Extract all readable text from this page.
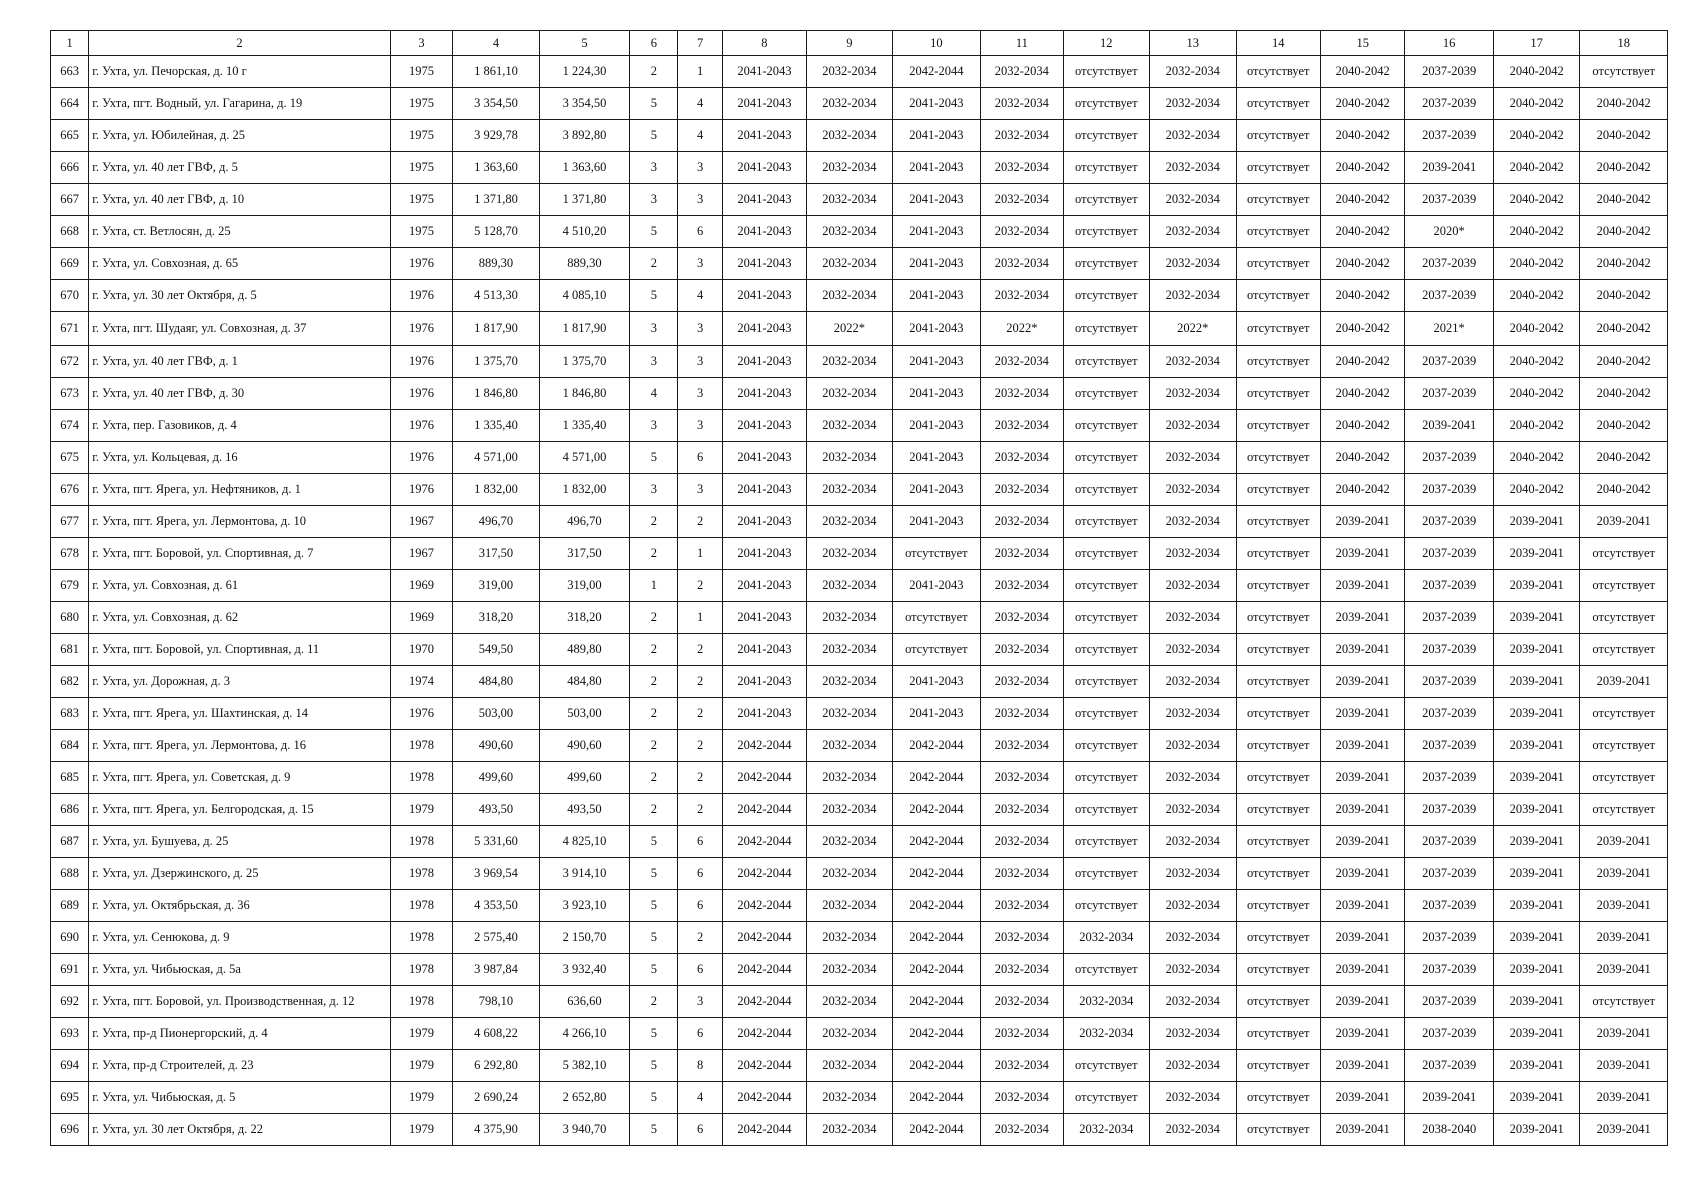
1	2	3	4	5	6	7	8	9	10	11	12	13	14	15	16	17	18
663	г. Ухта, ул. Печорская, д. 10 г	1975	1 861,10	1 224,30	2	1	2041-2043	2032-2034	2042-2044	2032-2034	отсутствует	2032-2034	отсутствует	2040-2042	2037-2039	2040-2042	отсутствует
664	г. Ухта, пгт. Водный, ул. Гагарина, д. 19	1975	3 354,50	3 354,50	5	4	2041-2043	2032-2034	2041-2043	2032-2034	отсутствует	2032-2034	отсутствует	2040-2042	2037-2039	2040-2042	2040-2042
665	г. Ухта, ул. Юбилейная, д. 25	1975	3 929,78	3 892,80	5	4	2041-2043	2032-2034	2041-2043	2032-2034	отсутствует	2032-2034	отсутствует	2040-2042	2037-2039	2040-2042	2040-2042
666	г. Ухта, ул. 40 лет ГВФ, д. 5	1975	1 363,60	1 363,60	3	3	2041-2043	2032-2034	2041-2043	2032-2034	отсутствует	2032-2034	отсутствует	2040-2042	2039-2041	2040-2042	2040-2042
667	г. Ухта, ул. 40 лет ГВФ, д. 10	1975	1 371,80	1 371,80	3	3	2041-2043	2032-2034	2041-2043	2032-2034	отсутствует	2032-2034	отсутствует	2040-2042	2037-2039	2040-2042	2040-2042
668	г. Ухта, ст. Ветлосян, д. 25	1975	5 128,70	4 510,20	5	6	2041-2043	2032-2034	2041-2043	2032-2034	отсутствует	2032-2034	отсутствует	2040-2042	2020*	2040-2042	2040-2042
669	г. Ухта, ул. Совхозная, д. 65	1976	889,30	889,30	2	3	2041-2043	2032-2034	2041-2043	2032-2034	отсутствует	2032-2034	отсутствует	2040-2042	2037-2039	2040-2042	2040-2042
670	г. Ухта, ул. 30 лет Октября, д. 5	1976	4 513,30	4 085,10	5	4	2041-2043	2032-2034	2041-2043	2032-2034	отсутствует	2032-2034	отсутствует	2040-2042	2037-2039	2040-2042	2040-2042
671	г. Ухта, пгт. Шудаяг, ул. Совхозная, д. 37	1976	1 817,90	1 817,90	3	3	2041-2043	2022*	2041-2043	2022*	отсутствует	2022*	отсутствует	2040-2042	2021*	2040-2042	2040-2042
672	г. Ухта, ул. 40 лет ГВФ, д. 1	1976	1 375,70	1 375,70	3	3	2041-2043	2032-2034	2041-2043	2032-2034	отсутствует	2032-2034	отсутствует	2040-2042	2037-2039	2040-2042	2040-2042
673	г. Ухта, ул. 40 лет ГВФ, д. 30	1976	1 846,80	1 846,80	4	3	2041-2043	2032-2034	2041-2043	2032-2034	отсутствует	2032-2034	отсутствует	2040-2042	2037-2039	2040-2042	2040-2042
674	г. Ухта, пер. Газовиков, д. 4	1976	1 335,40	1 335,40	3	3	2041-2043	2032-2034	2041-2043	2032-2034	отсутствует	2032-2034	отсутствует	2040-2042	2039-2041	2040-2042	2040-2042
675	г. Ухта, ул. Кольцевая, д. 16	1976	4 571,00	4 571,00	5	6	2041-2043	2032-2034	2041-2043	2032-2034	отсутствует	2032-2034	отсутствует	2040-2042	2037-2039	2040-2042	2040-2042
676	г. Ухта, пгт. Ярега, ул. Нефтяников, д. 1	1976	1 832,00	1 832,00	3	3	2041-2043	2032-2034	2041-2043	2032-2034	отсутствует	2032-2034	отсутствует	2040-2042	2037-2039	2040-2042	2040-2042
677	г. Ухта, пгт. Ярега, ул. Лермонтова, д. 10	1967	496,70	496,70	2	2	2041-2043	2032-2034	2041-2043	2032-2034	отсутствует	2032-2034	отсутствует	2039-2041	2037-2039	2039-2041	2039-2041
678	г. Ухта, пгт. Боровой, ул. Спортивная, д. 7	1967	317,50	317,50	2	1	2041-2043	2032-2034	отсутствует	2032-2034	отсутствует	2032-2034	отсутствует	2039-2041	2037-2039	2039-2041	отсутствует
679	г. Ухта, ул. Совхозная, д. 61	1969	319,00	319,00	1	2	2041-2043	2032-2034	2041-2043	2032-2034	отсутствует	2032-2034	отсутствует	2039-2041	2037-2039	2039-2041	отсутствует
680	г. Ухта, ул. Совхозная, д. 62	1969	318,20	318,20	2	1	2041-2043	2032-2034	отсутствует	2032-2034	отсутствует	2032-2034	отсутствует	2039-2041	2037-2039	2039-2041	отсутствует
681	г. Ухта, пгт. Боровой, ул. Спортивная, д. 11	1970	549,50	489,80	2	2	2041-2043	2032-2034	отсутствует	2032-2034	отсутствует	2032-2034	отсутствует	2039-2041	2037-2039	2039-2041	отсутствует
682	г. Ухта, ул. Дорожная, д. 3	1974	484,80	484,80	2	2	2041-2043	2032-2034	2041-2043	2032-2034	отсутствует	2032-2034	отсутствует	2039-2041	2037-2039	2039-2041	2039-2041
683	г. Ухта, пгт. Ярега, ул. Шахтинская, д. 14	1976	503,00	503,00	2	2	2041-2043	2032-2034	2041-2043	2032-2034	отсутствует	2032-2034	отсутствует	2039-2041	2037-2039	2039-2041	отсутствует
684	г. Ухта, пгт. Ярега, ул. Лермонтова, д. 16	1978	490,60	490,60	2	2	2042-2044	2032-2034	2042-2044	2032-2034	отсутствует	2032-2034	отсутствует	2039-2041	2037-2039	2039-2041	отсутствует
685	г. Ухта, пгт. Ярега, ул. Советская, д. 9	1978	499,60	499,60	2	2	2042-2044	2032-2034	2042-2044	2032-2034	отсутствует	2032-2034	отсутствует	2039-2041	2037-2039	2039-2041	отсутствует
686	г. Ухта, пгт. Ярега, ул. Белгородская, д. 15	1979	493,50	493,50	2	2	2042-2044	2032-2034	2042-2044	2032-2034	отсутствует	2032-2034	отсутствует	2039-2041	2037-2039	2039-2041	отсутствует
687	г. Ухта, ул. Бушуева, д. 25	1978	5 331,60	4 825,10	5	6	2042-2044	2032-2034	2042-2044	2032-2034	отсутствует	2032-2034	отсутствует	2039-2041	2037-2039	2039-2041	2039-2041
688	г. Ухта, ул. Дзержинского, д. 25	1978	3 969,54	3 914,10	5	6	2042-2044	2032-2034	2042-2044	2032-2034	отсутствует	2032-2034	отсутствует	2039-2041	2037-2039	2039-2041	2039-2041
689	г. Ухта, ул. Октябрьская, д. 36	1978	4 353,50	3 923,10	5	6	2042-2044	2032-2034	2042-2044	2032-2034	отсутствует	2032-2034	отсутствует	2039-2041	2037-2039	2039-2041	2039-2041
690	г. Ухта, ул. Сенюкова, д. 9	1978	2 575,40	2 150,70	5	2	2042-2044	2032-2034	2042-2044	2032-2034	2032-2034	2032-2034	отсутствует	2039-2041	2037-2039	2039-2041	2039-2041
691	г. Ухта, ул. Чибьюская, д. 5а	1978	3 987,84	3 932,40	5	6	2042-2044	2032-2034	2042-2044	2032-2034	отсутствует	2032-2034	отсутствует	2039-2041	2037-2039	2039-2041	2039-2041
692	г. Ухта, пгт. Боровой, ул. Производственная, д. 12	1978	798,10	636,60	2	3	2042-2044	2032-2034	2042-2044	2032-2034	2032-2034	2032-2034	отсутствует	2039-2041	2037-2039	2039-2041	отсутствует
693	г. Ухта, пр-д Пионергорский, д. 4	1979	4 608,22	4 266,10	5	6	2042-2044	2032-2034	2042-2044	2032-2034	2032-2034	2032-2034	отсутствует	2039-2041	2037-2039	2039-2041	2039-2041
694	г. Ухта, пр-д Строителей, д. 23	1979	6 292,80	5 382,10	5	8	2042-2044	2032-2034	2042-2044	2032-2034	отсутствует	2032-2034	отсутствует	2039-2041	2037-2039	2039-2041	2039-2041
695	г. Ухта, ул. Чибьюская, д. 5	1979	2 690,24	2 652,80	5	4	2042-2044	2032-2034	2042-2044	2032-2034	отсутствует	2032-2034	отсутствует	2039-2041	2039-2041	2039-2041	2039-2041
696	г. Ухта, ул. 30 лет Октября, д. 22	1979	4 375,90	3 940,70	5	6	2042-2044	2032-2034	2042-2044	2032-2034	2032-2034	2032-2034	отсутствует	2039-2041	2038-2040	2039-2041	2039-2041
